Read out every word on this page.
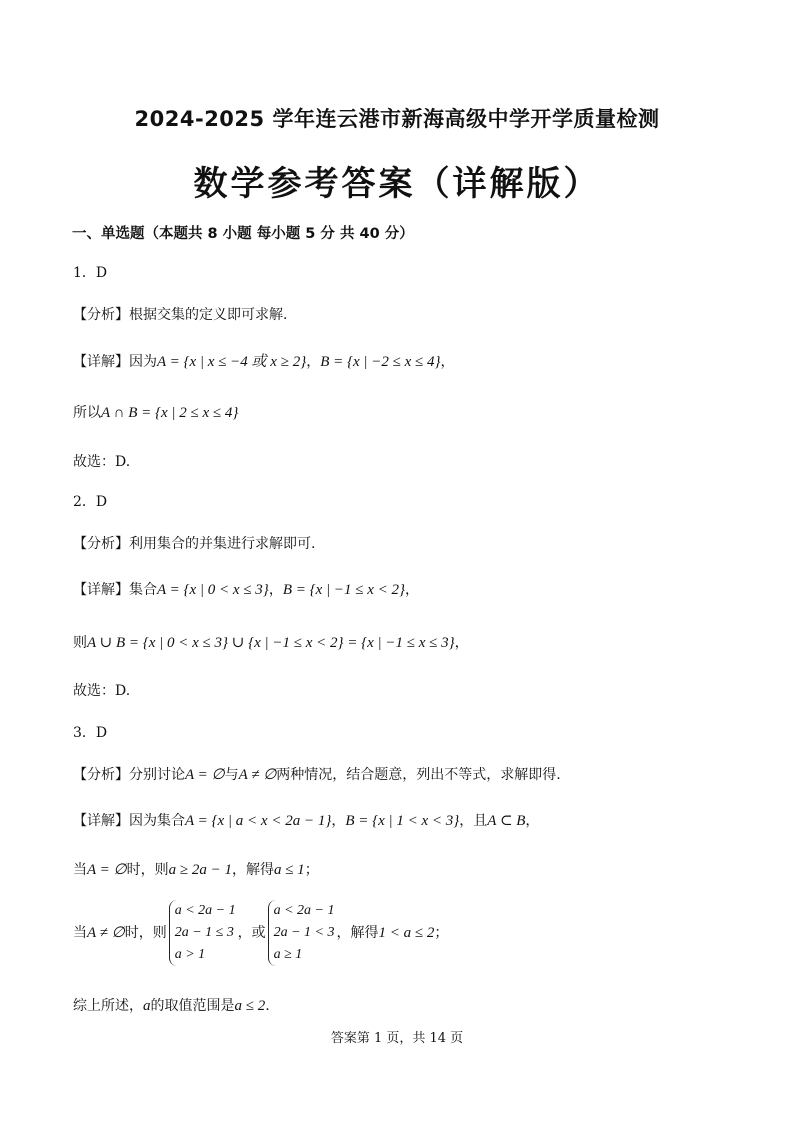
2024-2025 学年连云港市新海高级中学开学质量检测
数学参考答案（详解版）
一、单选题（本题共 8 小题 每小题 5 分 共 40 分）
1．D
【分析】根据交集的定义即可求解.
【详解】因为A = {x | x ≤ −4 或 x ≥ 2}，B = {x | −2 ≤ x ≤ 4}，
所以A ∩ B = {x | 2 ≤ x ≤ 4}
故选：D.
2．D
【分析】利用集合的并集进行求解即可.
【详解】集合A = {x | 0 < x ≤ 3}，B = {x | −1 ≤ x < 2}，
则A ∪ B = {x | 0 < x ≤ 3} ∪ {x | −1 ≤ x < 2} = {x | −1 ≤ x ≤ 3}，
故选：D.
3．D
【分析】分别讨论A = ∅与A ≠ ∅两种情况，结合题意，列出不等式，求解即得.
【详解】因为集合A = {x | a < x < 2a − 1}，B = {x | 1 < x < 3}，且A ⊂ B，
当A = ∅时，则a ≥ 2a − 1，解得a ≤ 1；
当A ≠ ∅时，则
a < 2a − 1
2a − 1 ≤ 3
a > 1
，或
a < 2a − 1
2a − 1 < 3
a ≥ 1
，解得1 < a ≤ 2；
综上所述，a的取值范围是a ≤ 2.
答案第 1 页，共 14 页
